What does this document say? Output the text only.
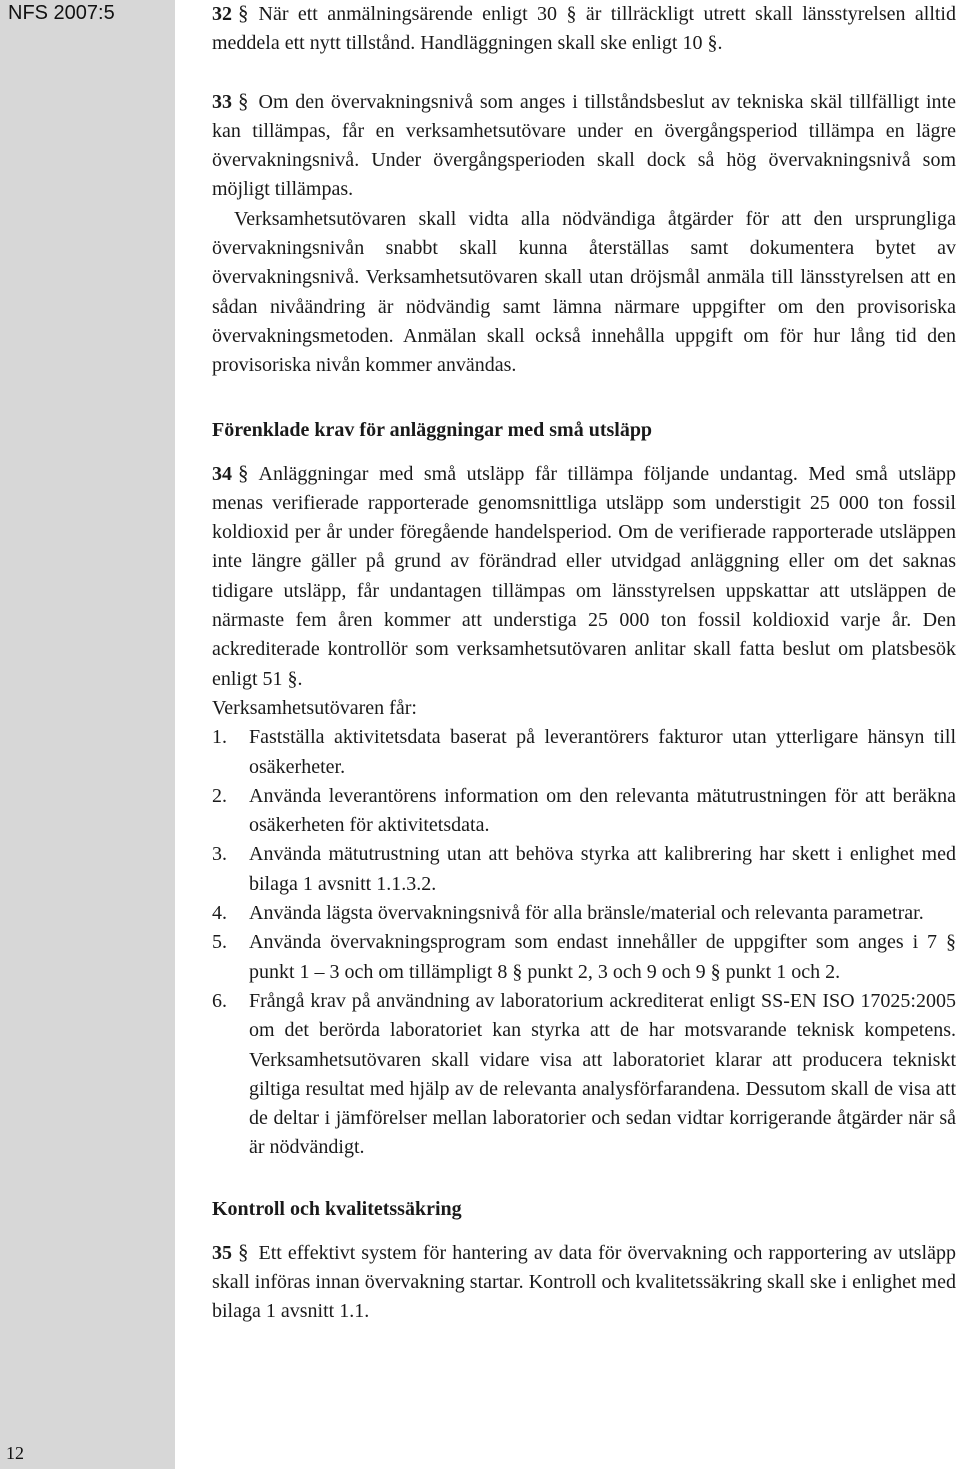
NFS 2007:5
12

32 § När ett anmälningsärende enligt 30 § är tillräckligt utrett skall länsstyrelsen alltid meddela ett nytt tillstånd. Handläggningen skall ske enligt 10 §.

33 § Om den övervakningsnivå som anges i tillståndsbeslut av tekniska skäl tillfälligt inte kan tillämpas, får en verksamhetsutövare under en övergångsperiod tillämpa en lägre övervakningsnivå. Under övergångsperioden skall dock så hög övervakningsnivå som möjligt tillämpas.

Verksamhetsutövaren skall vidta alla nödvändiga åtgärder för att den ursprungliga övervakningsnivån snabbt skall kunna återställas samt dokumentera bytet av övervakningsnivå. Verksamhetsutövaren skall utan dröjsmål anmäla till länsstyrelsen att en sådan nivåändring är nödvändig samt lämna närmare uppgifter om den provisoriska övervakningsmetoden. Anmälan skall också innehålla uppgift om för hur lång tid den provisoriska nivån kommer användas.

Förenklade krav för anläggningar med små utsläpp

34 § Anläggningar med små utsläpp får tillämpa följande undantag. Med små utsläpp menas verifierade rapporterade genomsnittliga utsläpp som understigit 25 000 ton fossil koldioxid per år under föregående handelsperiod. Om de verifierade rapporterade utsläppen inte längre gäller på grund av förändrad eller utvidgad anläggning eller om det saknas tidigare utsläpp, får undantagen tillämpas om länsstyrelsen uppskattar att utsläppen de närmaste fem åren kommer att understiga 25 000 ton fossil koldioxid varje år. Den ackrediterade kontrollör som verksamhetsutövaren anlitar skall fatta beslut om platsbesök enligt 51 §.

Verksamhetsutövaren får:

1.	Fastställa aktivitetsdata baserat på leverantörers fakturor utan ytterligare hänsyn till osäkerheter.
2.	Använda leverantörens information om den relevanta mätutrustningen för att beräkna osäkerheten för aktivitetsdata.
3.	Använda mätutrustning utan att behöva styrka att kalibrering har skett i enlighet med bilaga 1 avsnitt 1.1.3.2.
4.	Använda lägsta övervakningsnivå för alla bränsle/material och relevanta parametrar.
5.	Använda övervakningsprogram som endast innehåller de uppgifter som anges i 7 § punkt 1 – 3 och om tillämpligt 8 § punkt 2, 3 och 9 och 9 § punkt 1 och 2.
6.	Frångå krav på användning av laboratorium ackrediterat enligt SS-EN ISO 17025:2005 om det berörda laboratoriet kan styrka att de har motsvarande teknisk kompetens. Verksamhetsutövaren skall vidare visa att laboratoriet klarar att producera tekniskt giltiga resultat med hjälp av de relevanta analysförfarandena. Dessutom skall de visa att de deltar i jämförelser mellan laboratorier och sedan vidtar korrigerande åtgärder när så är nödvändigt.
Kontroll och kvalitetssäkring

35 § Ett effektivt system för hantering av data för övervakning och rapportering av utsläpp skall införas innan övervakning startar. Kontroll och kvalitetssäkring skall ske i enlighet med bilaga 1 avsnitt 1.1.
